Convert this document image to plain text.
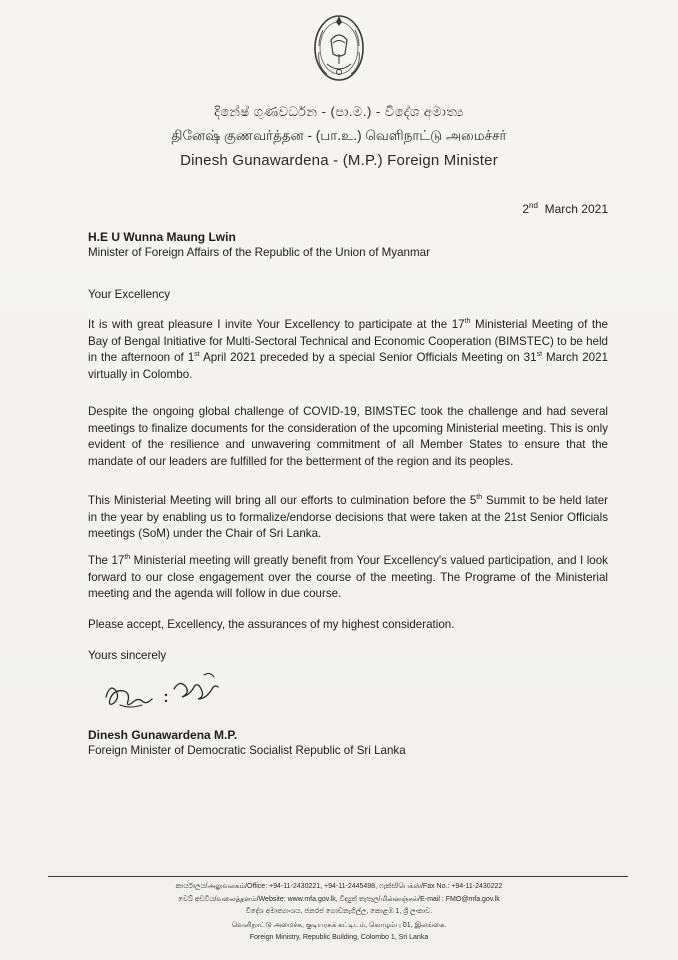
දිනේෂ් ගුණවර්ධන - (පා.ම.) - විදේශ අමාත්‍ය
தினேஷ் குணவர்த்தன - (பா.உ.) வெளிநாட்டு அமைச்சர்
Dinesh Gunawardena - (M.P.) Foreign Minister
2nd March 2021
H.E U Wunna Maung Lwin
Minister of Foreign Affairs of the Republic of the Union of Myanmar
Your Excellency
It is with great pleasure I invite Your Excellency to participate at the 17th Ministerial Meeting of the Bay of Bengal Initiative for Multi-Sectoral Technical and Economic Cooperation (BIMSTEC) to be held in the afternoon of 1st April 2021 preceded by a special Senior Officials Meeting on 31st March 2021 virtually in Colombo.
Despite the ongoing global challenge of COVID-19, BIMSTEC took the challenge and had several meetings to finalize documents for the consideration of the upcoming Ministerial meeting. This is only evident of the resilience and unwavering commitment of all Member States to ensure that the mandate of our leaders are fulfilled for the betterment of the region and its peoples.
This Ministerial Meeting will bring all our efforts to culmination before the 5th Summit to be held later in the year by enabling us to formalize/endorse decisions that were taken at the 21st Senior Officials meetings (SoM) under the Chair of Sri Lanka.
The 17th Ministerial meeting will greatly benefit from Your Excellency's valued participation, and I look forward to our close engagement over the course of the meeting. The Programe of the Ministerial meeting and the agenda will follow in due course.
Please accept, Excellency, the assurances of my highest consideration.
Yours sincerely
Dinesh Gunawardena M.P.
Foreign Minister of Democratic Socialist Republic of Sri Lanka
කාර්යාලය/அலுவலகம்/Office: +94-11-2430221, +94-11-2445498, ෆැක්ස්/பெக்ஸ்/Fax No.: +94-11-2430222
වෙබ් අඩවිය/வலைத்தளம்/Website: www.mfa.gov.lk, විද්‍යුත් තැපෑල/மின்னஞ்சல்/E-mail : FMO@mfa.gov.lk
විදේශ අමාත්‍යාංශය, ජනරජ ගොඩනැගිල්ල, කොළඹ 1, ශ්‍රී ලංකාව.
வெளிநாட்டு அமைச்சு, குடியரசுக் கட்டிடம், கொழும்பு 01, இலங்கை.
Foreign Ministry, Republic Building, Colombo 1, Sri Lanka
